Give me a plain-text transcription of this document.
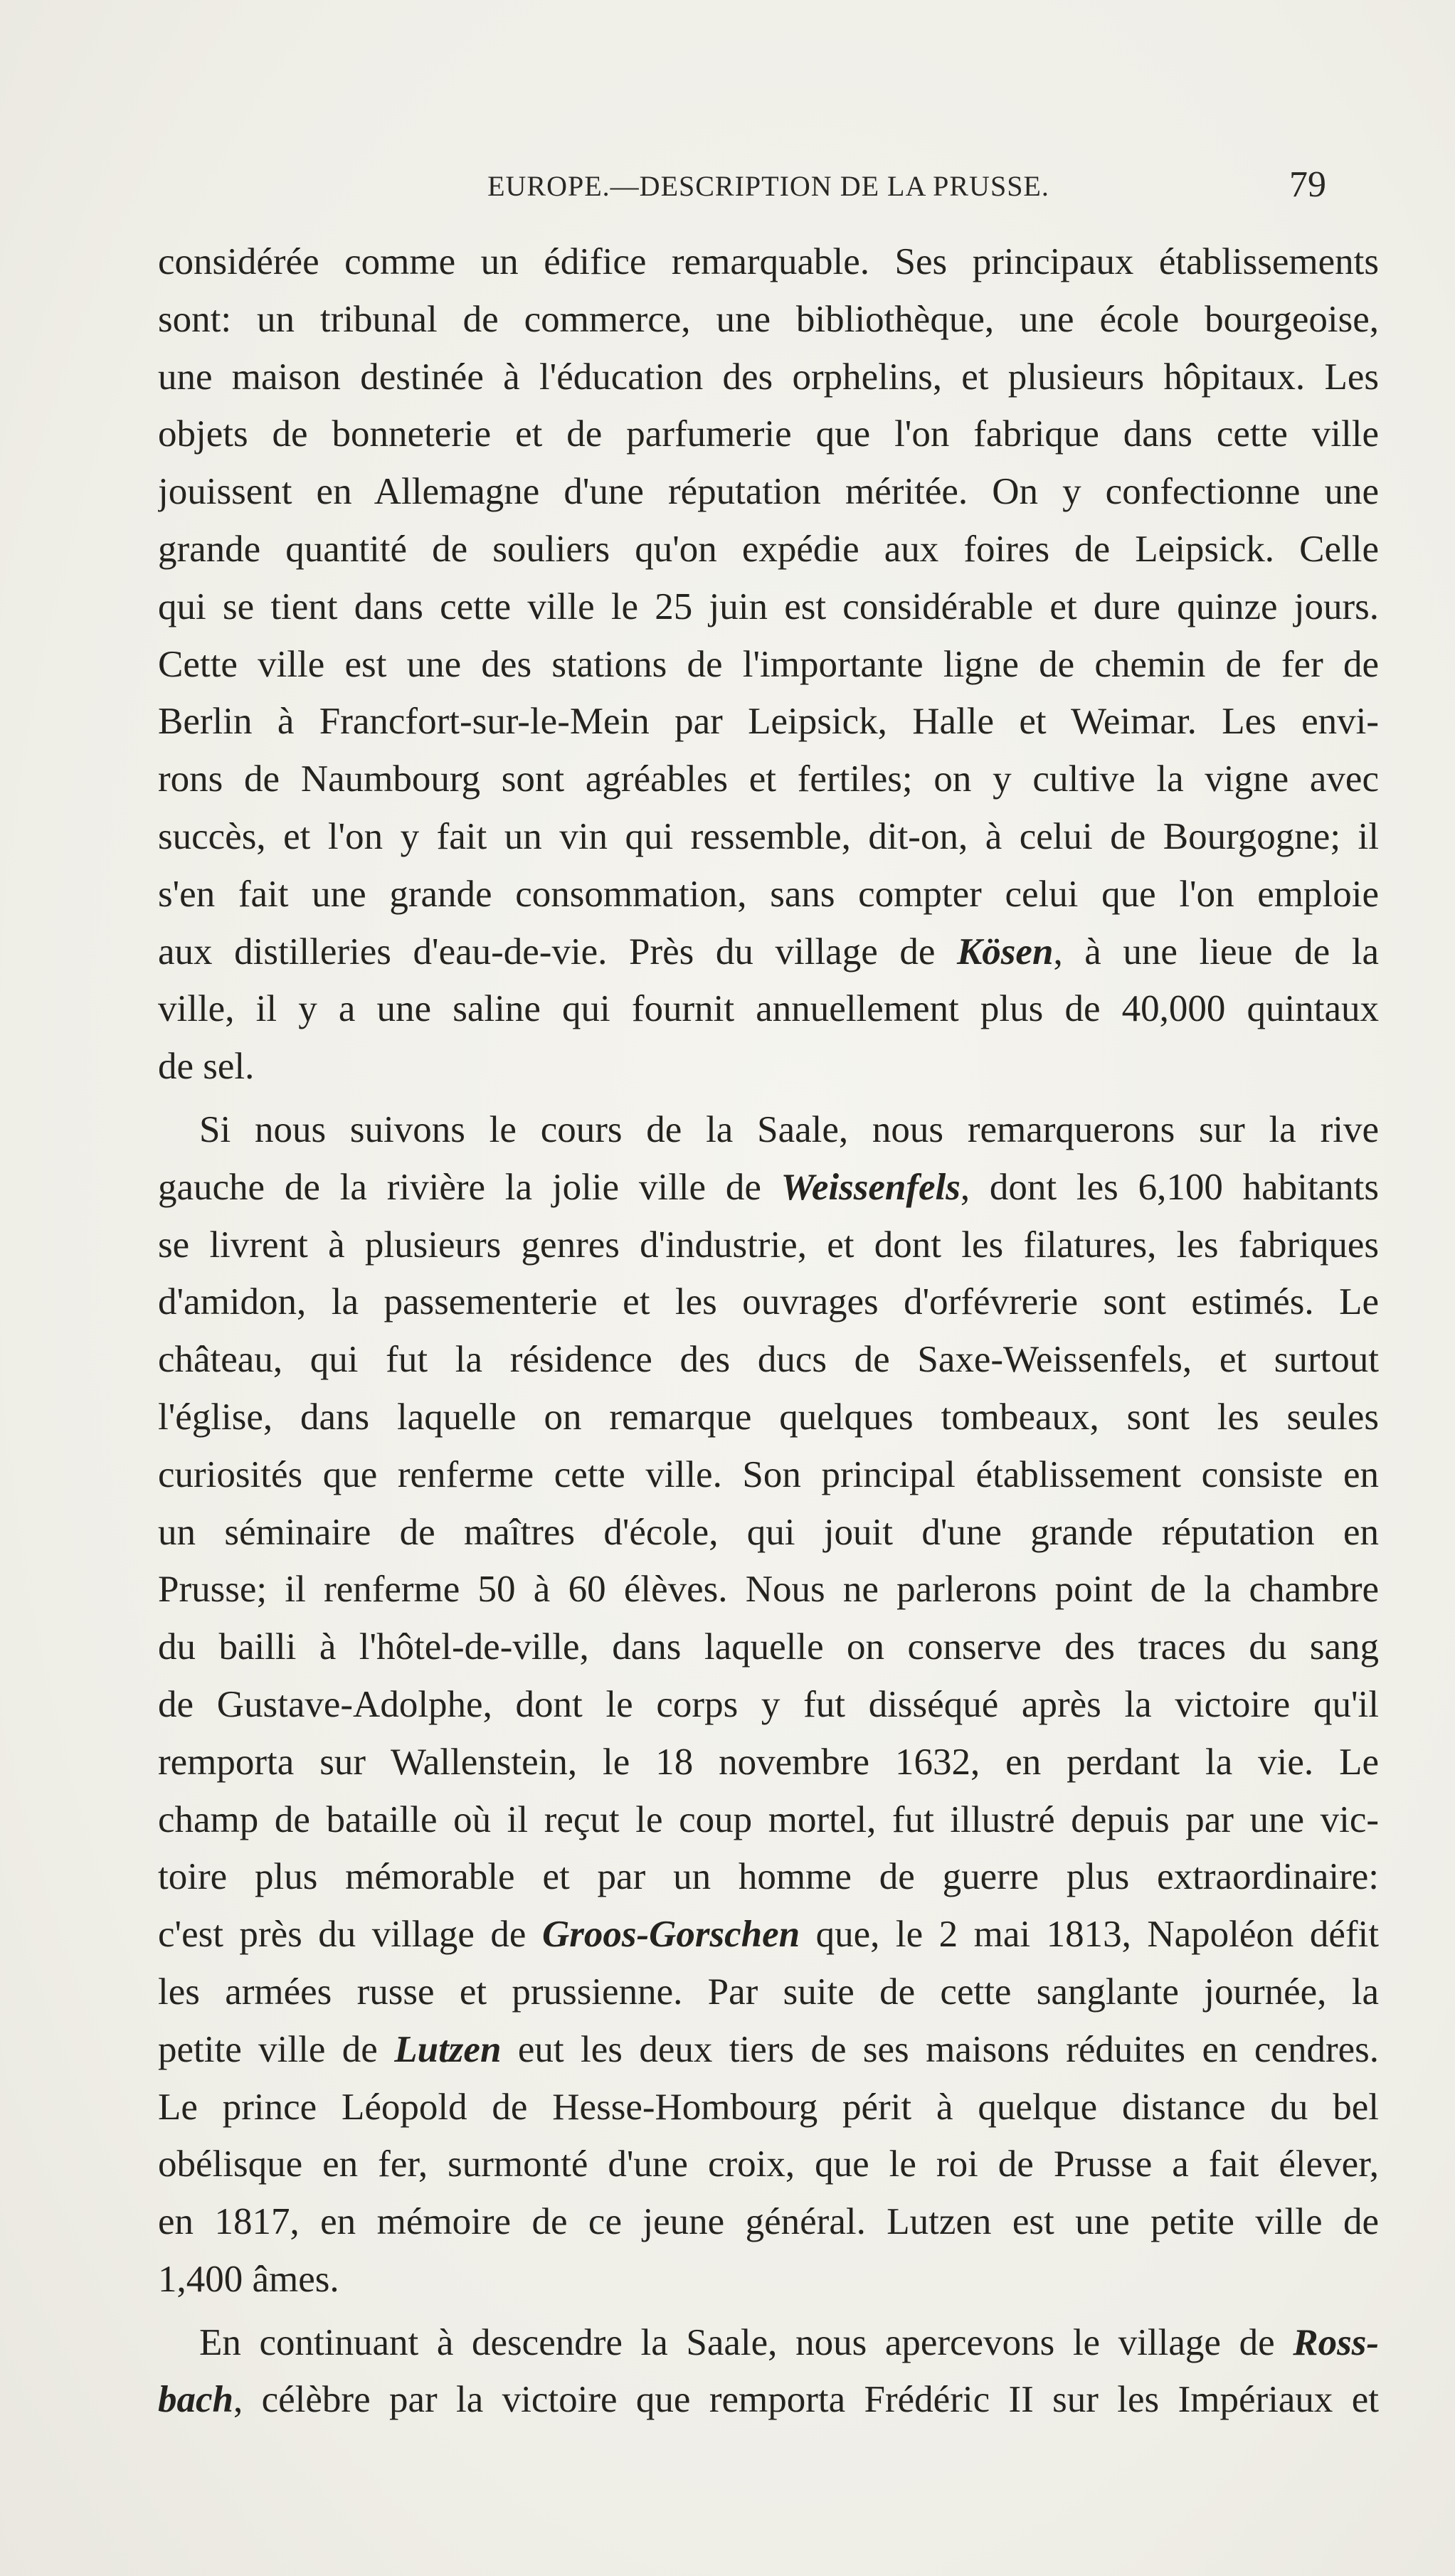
EUROPE.—DESCRIPTION DE LA PRUSSE.	79
considérée comme un édifice remarquable. Ses principaux établissements
sont: un tribunal de commerce, une bibliothèque, une école bourgeoise,
une maison destinée à l'éducation des orphelins, et plusieurs hôpitaux. Les
objets de bonneterie et de parfumerie que l'on fabrique dans cette ville
jouissent en Allemagne d'une réputation méritée. On y confectionne une
grande quantité de souliers qu'on expédie aux foires de Leipsick. Celle
qui se tient dans cette ville le 25 juin est considérable et dure quinze jours.
Cette ville est une des stations de l'importante ligne de chemin de fer de
Berlin à Francfort-sur-le-Mein par Leipsick, Halle et Weimar. Les envi-
rons de Naumbourg sont agréables et fertiles; on y cultive la vigne avec
succès, et l'on y fait un vin qui ressemble, dit-on, à celui de Bourgogne; il
s'en fait une grande consommation, sans compter celui que l'on emploie
aux distilleries d'eau-de-vie. Près du village de Kösen, à une lieue de la
ville, il y a une saline qui fournit annuellement plus de 40,000 quintaux
de sel.
Si nous suivons le cours de la Saale, nous remarquerons sur la rive
gauche de la rivière la jolie ville de Weissenfels, dont les 6,100 habitants
se livrent à plusieurs genres d'industrie, et dont les filatures, les fabriques
d'amidon, la passementerie et les ouvrages d'orfévrerie sont estimés. Le
château, qui fut la résidence des ducs de Saxe-Weissenfels, et surtout
l'église, dans laquelle on remarque quelques tombeaux, sont les seules
curiosités que renferme cette ville. Son principal établissement consiste en
un séminaire de maîtres d'école, qui jouit d'une grande réputation en
Prusse; il renferme 50 à 60 élèves. Nous ne parlerons point de la chambre
du bailli à l'hôtel-de-ville, dans laquelle on conserve des traces du sang
de Gustave-Adolphe, dont le corps y fut disséqué après la victoire qu'il
remporta sur Wallenstein, le 18 novembre 1632, en perdant la vie. Le
champ de bataille où il reçut le coup mortel, fut illustré depuis par une vic-
toire plus mémorable et par un homme de guerre plus extraordinaire:
c'est près du village de Groos-Gorschen que, le 2 mai 1813, Napoléon défit
les armées russe et prussienne. Par suite de cette sanglante journée, la
petite ville de Lutzen eut les deux tiers de ses maisons réduites en cendres.
Le prince Léopold de Hesse-Hombourg périt à quelque distance du bel
obélisque en fer, surmonté d'une croix, que le roi de Prusse a fait élever,
en 1817, en mémoire de ce jeune général. Lutzen est une petite ville de
1,400 âmes.
En continuant à descendre la Saale, nous apercevons le village de Ross-
bach, célèbre par la victoire que remporta Frédéric II sur les Impériaux et
